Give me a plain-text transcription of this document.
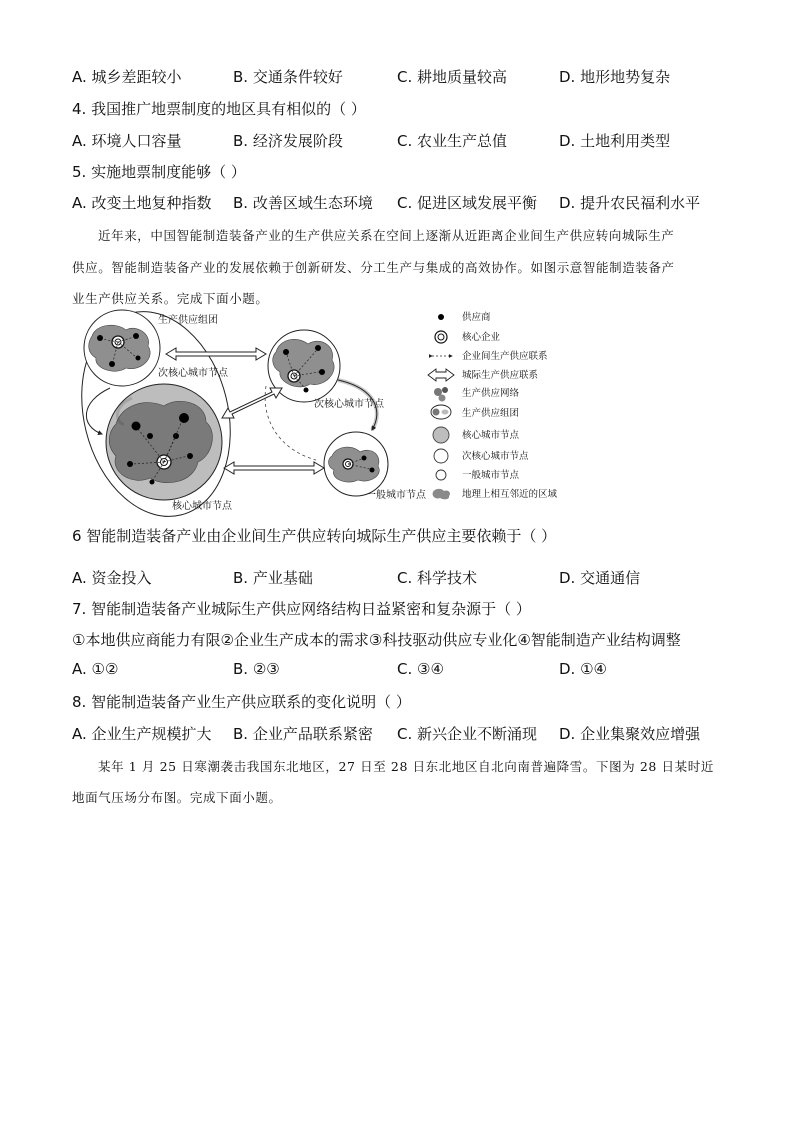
A. 城乡差距较小	B. 交通条件较好	C. 耕地质量较高	D. 地形地势复杂
4. 我国推广地票制度的地区具有相似的（ ）
A. 环境人口容量	B. 经济发展阶段	C. 农业生产总值	D. 土地利用类型
5. 实施地票制度能够（ ）
A. 改变土地复种指数 B. 改善区域生态环境 C. 促进区域发展平衡 D. 提升农民福利水平
近年来，中国智能制造装备产业的生产供应关系在空间上逐渐从近距离企业间生产供应转向城际生产
供应。智能制造装备产业的发展依赖于创新研发、分工生产与集成的高效协作。如图示意智能制造装备产
业生产供应关系。完成下面小题。
生产供应组团
次核心城市节点
核心城市节点
次核心城市节点
一般城市节点
供应商
核心企业
企业间生产供应联系
城际生产供应联系
生产供应网络
生产供应组团
核心城市节点
次核心城市节点
一般城市节点
地理上相互邻近的区域
6 智能制造装备产业由企业间生产供应转向城际生产供应主要依赖于（ ）
A. 资金投入	B. 产业基础	C. 科学技术	D. 交通通信
7. 智能制造装备产业城际生产供应网络结构日益紧密和复杂源于（ ）
①本地供应商能力有限②企业生产成本的需求③科技驱动供应专业化④智能制造产业结构调整
A. ①②	B. ②③	C. ③④	D. ①④
8. 智能制造装备产业生产供应联系的变化说明（ ）
A. 企业生产规模扩大 B. 企业产品联系紧密 C. 新兴企业不断涌现 D. 企业集聚效应增强
某年 1 月 25 日寒潮袭击我国东北地区，27 日至 28 日东北地区自北向南普遍降雪。下图为 28 日某时近
地面气压场分布图。完成下面小题。
